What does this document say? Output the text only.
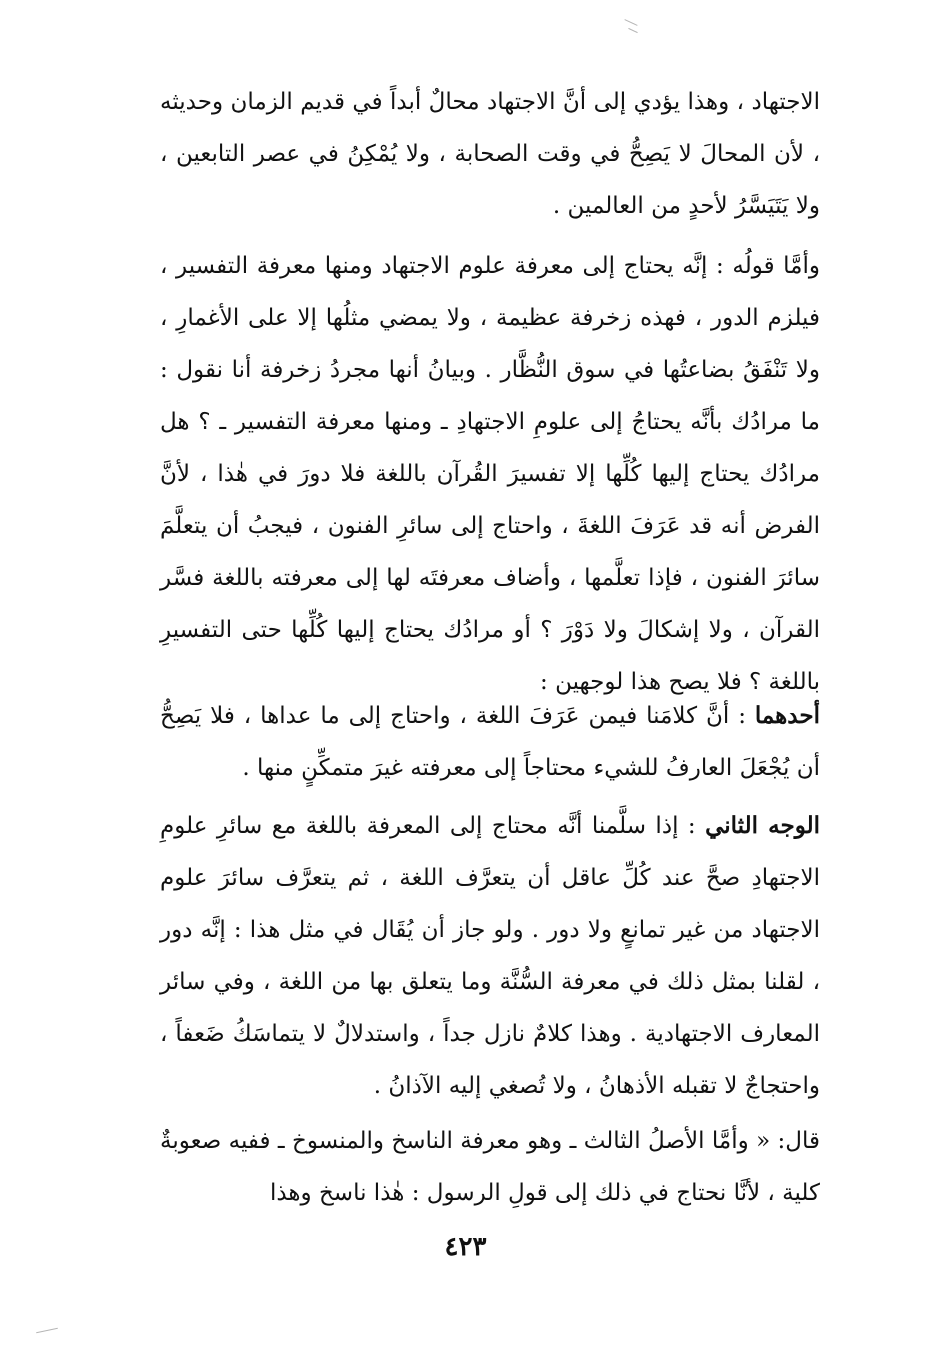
الاجتهاد ، وهذا يؤدي إلى أنَّ الاجتهاد محالٌ أبداً في قديم الزمان وحديثه ، لأن المحالَ لا يَصِحُّ في وقت الصحابة ، ولا يُمْكِنُ في عصر التابعين ، ولا يَتَيَسَّرُ لأحدٍ من العالمين .

وأمَّا قولُه : إنَّه يحتاج إلى معرفة علوم الاجتهاد ومنها معرفة التفسير ، فيلزم الدور ، فهذه زخرفة عظيمة ، ولا يمضي مثلُها إلا على الأغمارِ ، ولا تَنْفَقُ بضاعتُها في سوق النُّظَّار . وبيانُ أنها مجردُ زخرفة أنا نقول : ما مرادُك بأنَّه يحتاجُ إلى علومِ الاجتهادِ ـ ومنها معرفة التفسير ـ ؟ هل مرادُك يحتاج إليها كُلِّها إلا تفسيرَ القُرآن باللغة فلا دورَ في هٰذا ، لأنَّ الفرض أنه قد عَرَفَ اللغةَ ، واحتاج إلى سائرِ الفنون ، فيجبُ أن يتعلَّمَ سائرَ الفنون ، فإذا تعلَّمها ، وأضاف معرفتَه لها إلى معرفته باللغة فسَّر القرآن ، ولا إشكالَ ولا دَوْرَ ؟ أو مرادُك يحتاج إليها كُلِّها حتى التفسيرِ باللغة ؟ فلا يصح هذا لوجهين :

أحدهما : أنَّ كلامَنا فيمن عَرَفَ اللغة ، واحتاج إلى ما عداها ، فلا يَصِحُّ أن يُجْعَلَ العارفُ للشيء محتاجاً إلى معرفته غيرَ متمكِّنٍ منها .

الوجه الثاني : إذا سلَّمنا أنَّه محتاج إلى المعرفة باللغة مع سائرِ علومِ الاجتهادِ صحَّ عند كُلِّ عاقل أن يتعرَّف اللغة ، ثم يتعرَّف سائرَ علوم الاجتهاد من غير تمانعٍ ولا دور . ولو جاز أن يُقَال في مثل هذا : إنَّه دور ، لقلنا بمثل ذلك في معرفة السُّنَّة وما يتعلق بها من اللغة ، وفي سائر المعارف الاجتهادية . وهذا كلامٌ نازل جداً ، واستدلالٌ لا يتماسَكُ ضَعفاً ، واحتجاجٌ لا تقبله الأذهانُ ، ولا تُصغي إليه الآذانُ .

قال: « وأمَّا الأصلُ الثالث ـ وهو معرفة الناسخ والمنسوخ ـ ففيه صعوبةٌ كلية ، لأنَّا نحتاج في ذلك إلى قولِ الرسول : هٰذا ناسخ وهذا

٤٢٣
